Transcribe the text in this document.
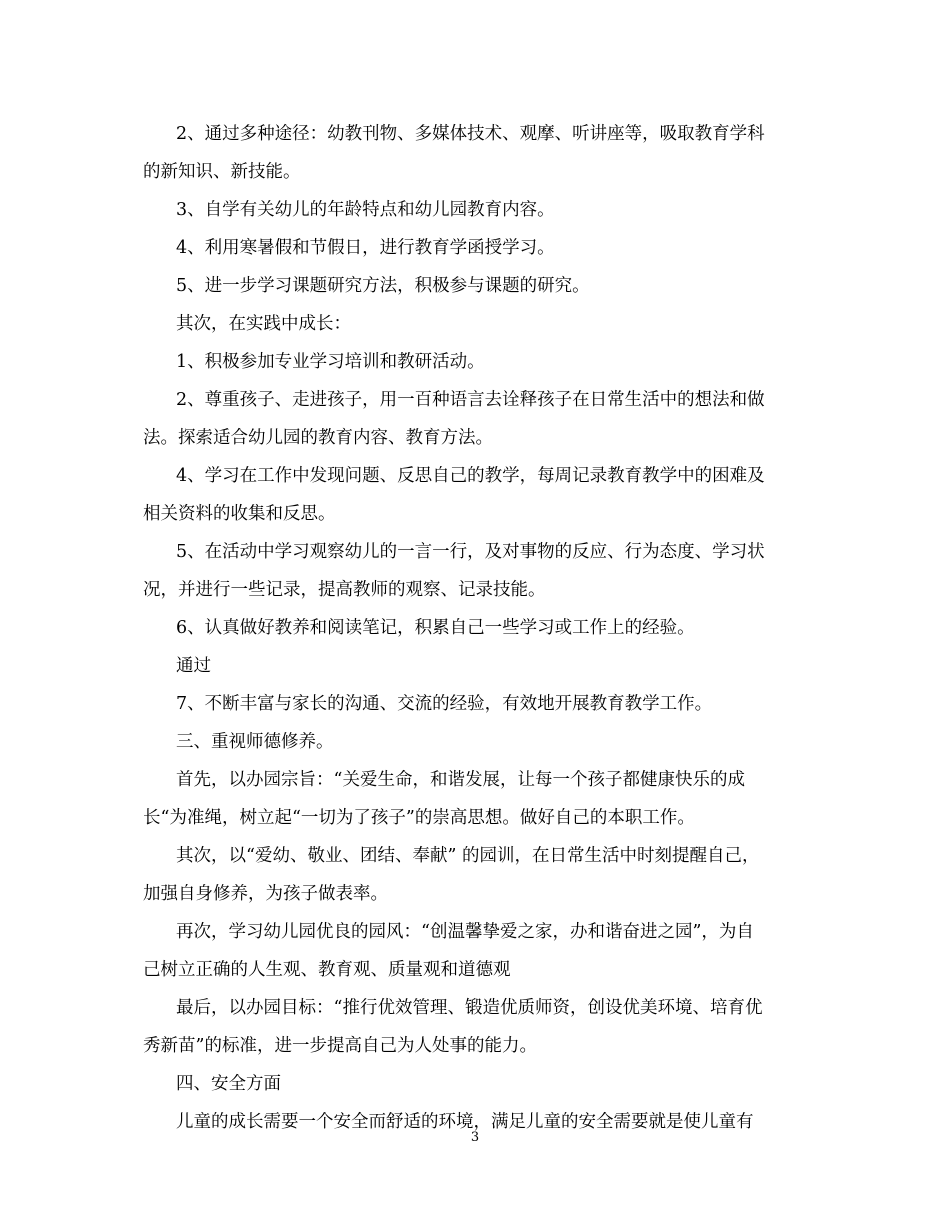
2、通过多种途径：幼教刊物、多媒体技术、观摩、听讲座等，吸取教育学科
的新知识、新技能。
3、自学有关幼儿的年龄特点和幼儿园教育内容。
4、利用寒暑假和节假日，进行教育学函授学习。
5、进一步学习课题研究方法，积极参与课题的研究。
其次，在实践中成长：
1、积极参加专业学习培训和教研活动。
2、尊重孩子、走进孩子，用一百种语言去诠释孩子在日常生活中的想法和做
法。探索适合幼儿园的教育内容、教育方法。
4、学习在工作中发现问题、反思自己的教学，每周记录教育教学中的困难及
相关资料的收集和反思。
5、在活动中学习观察幼儿的一言一行，及对事物的反应、行为态度、学习状
况，并进行一些记录，提高教师的观察、记录技能。
6、认真做好教养和阅读笔记，积累自己一些学习或工作上的经验。
通过
7、不断丰富与家长的沟通、交流的经验，有效地开展教育教学工作。
三、重视师德修养。
首先，以办园宗旨：“关爱生命，和谐发展，让每一个孩子都健康快乐的成
长“为准绳，树立起“一切为了孩子”的崇高思想。做好自己的本职工作。
其次，以“爱幼、敬业、团结、奉献” 的园训，在日常生活中时刻提醒自己，
加强自身修养，为孩子做表率。
再次，学习幼儿园优良的园风：“创温馨挚爱之家，办和谐奋进之园”，为自
己树立正确的人生观、教育观、质量观和道德观
最后，以办园目标：“推行优效管理、锻造优质师资，创设优美环境、培育优
秀新苗”的标准，进一步提高自己为人处事的能力。
四、安全方面
儿童的成长需要一个安全而舒适的环境，满足儿童的安全需要就是使儿童有
3
